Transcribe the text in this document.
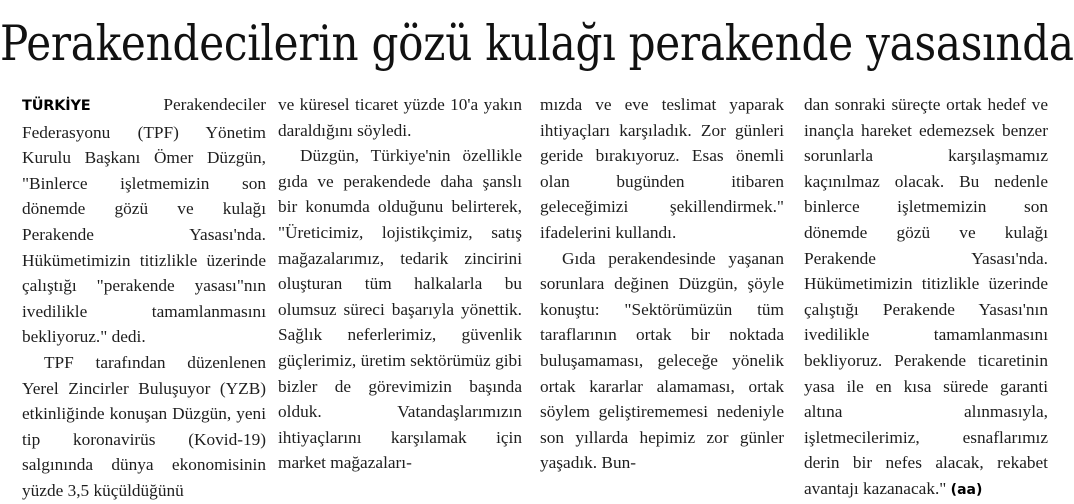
Perakendecilerin gözü kulağı perakende yasasında

TÜRKİYE	Perakendeciler Federasyonu (TPF) Yönetim Kurulu Başkanı Ömer Düzgün, "Binlerce işletmemizin son dönemde gözü ve kulağı Perakende Yasası'nda. Hükümetimizin titizlikle üzerinde çalıştığı "perakende yasası"nın ivedilikle tamamlanmasını bekliyoruz." dedi.

TPF tarafından düzenlenen Yerel Zincirler Buluşuyor (YZB) etkinliğinde konuşan Düzgün, yeni tip koronavirüs (Kovid-19) salgınında dünya ekonomisinin yüzde 3,5 küçüldüğünü

ve küresel ticaret yüzde 10'a yakın daraldığını söyledi.

Düzgün, Türkiye'nin özellikle gıda ve perakendede daha şanslı bir konumda olduğunu belirterek, "Üreticimiz, lojistikçimiz, satış mağazalarımız, tedarik zincirini oluşturan tüm halkalarla bu olumsuz süreci başarıyla yönettik. Sağlık neferlerimiz, güvenlik güçlerimiz, üretim sektörümüz gibi bizler de görevimizin başında olduk. Vatandaşlarımızın ihtiyaçlarını karşılamak için market mağazaları-

mızda ve eve teslimat yaparak ihtiyaçları karşıladık. Zor günleri geride bırakıyoruz. Esas önemli olan bugünden itibaren geleceğimizi şekillendirmek." ifadelerini kullandı.

Gıda perakendesinde yaşanan sorunlara değinen Düzgün, şöyle konuştu: "Sektörümüzün tüm taraflarının ortak bir noktada buluşamaması, geleceğe yönelik ortak kararlar alamaması, ortak söylem geliştirememesi nedeniyle son yıllarda hepimiz zor günler yaşadık. Bun-

dan sonraki süreçte ortak hedef ve inançla hareket edemezsek benzer sorunlarla karşılaşmamız kaçınılmaz olacak. Bu nedenle binlerce işletmemizin son dönemde gözü ve kulağı Perakende Yasası'nda. Hükümetimizin titizlikle üzerinde çalıştığı Perakende Yasası'nın ivedilikle tamamlanmasını bekliyoruz. Perakende ticaretinin yasa ile en kısa sürede garanti altına alınmasıyla, işletmecilerimiz, esnaflarımız derin bir nefes alacak, rekabet avantajı kazanacak." (aa)
